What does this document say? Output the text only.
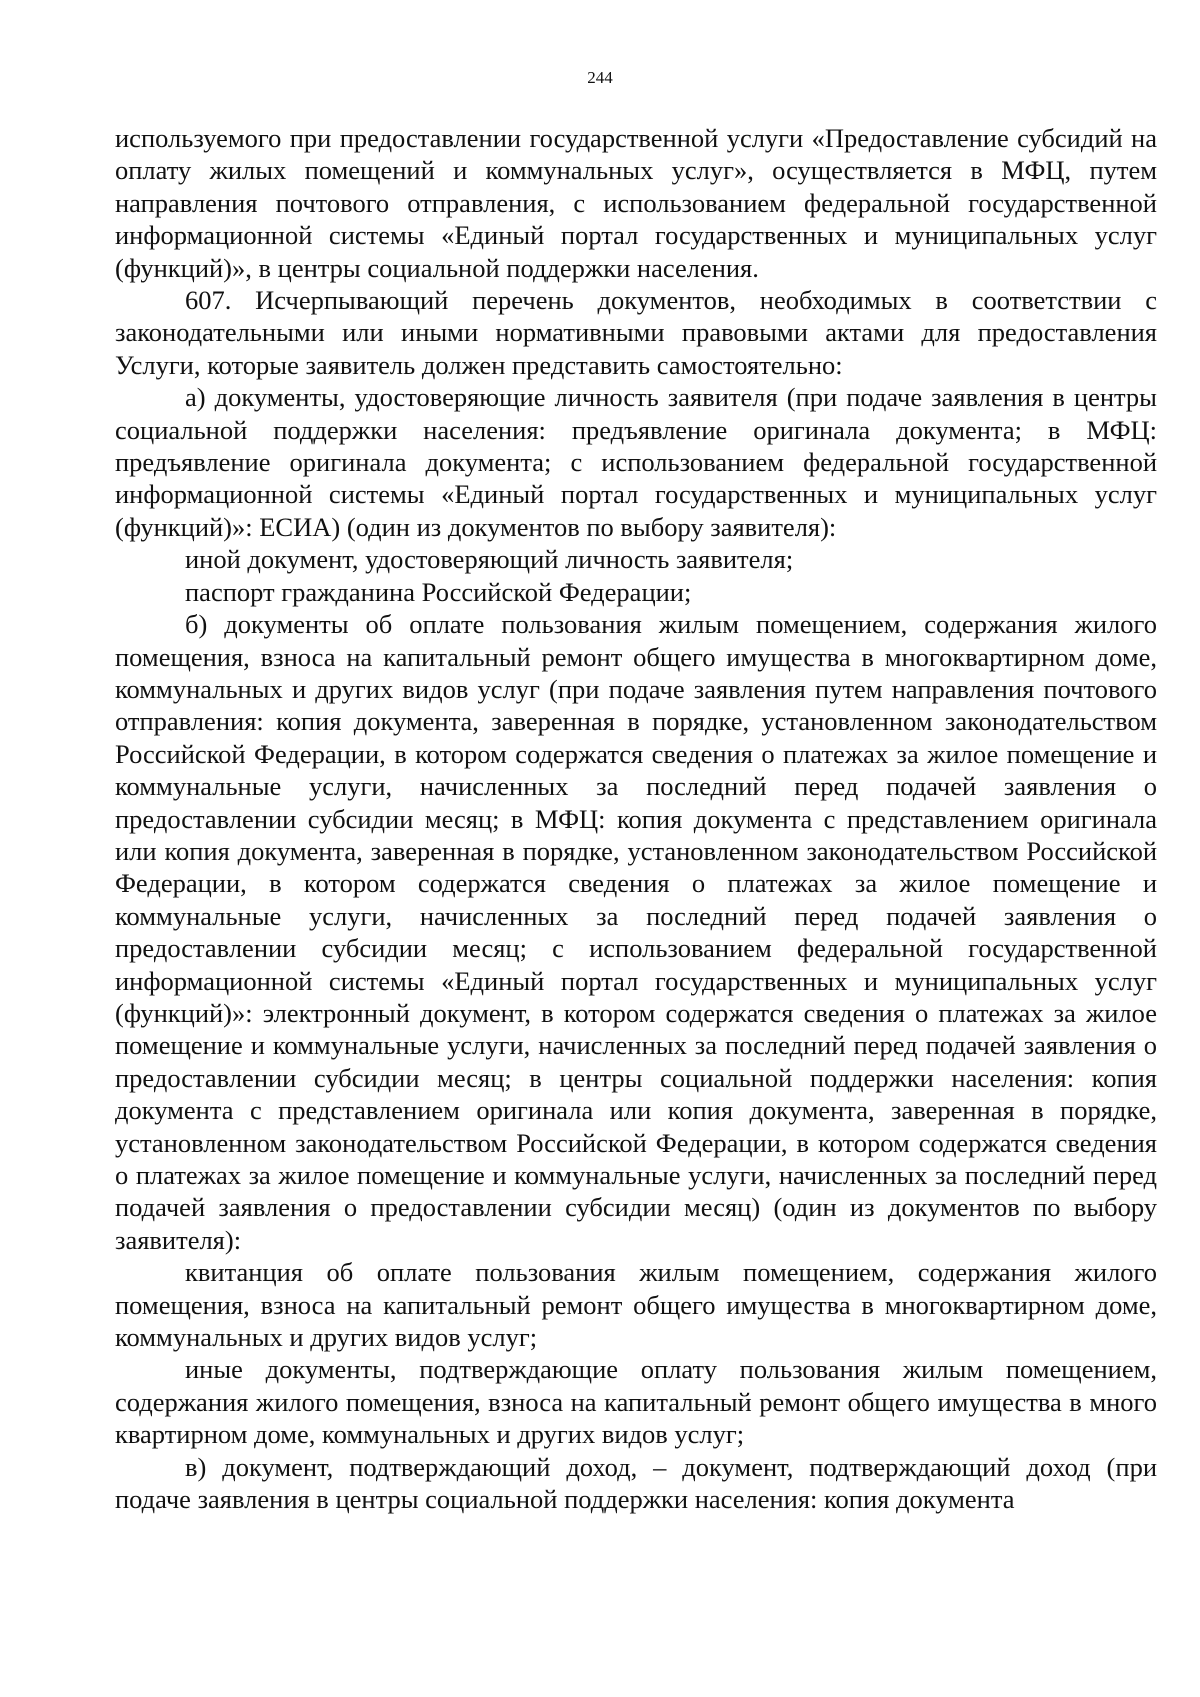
244

используемого при предоставлении государственной услуги «Предоставление субсидий на оплату жилых помещений и коммунальных услуг», осуществляется в МФЦ, путем направления почтового отправления, с использованием федеральной государственной информационной системы «Единый портал государственных и муниципальных услуг (функций)», в центры социальной поддержки населения.

607. Исчерпывающий перечень документов, необходимых в соответствии с законодательными или иными нормативными правовыми актами для предоставления Услуги, которые заявитель должен представить самостоятельно:

а) документы, удостоверяющие личность заявителя (при подаче заявления в центры социальной поддержки населения: предъявление оригинала документа; в МФЦ: предъявление оригинала документа; с использованием федеральной государственной информационной системы «Единый портал государственных и муниципальных услуг (функций)»: ЕСИА) (один из документов по выбору заявителя):

иной документ, удостоверяющий личность заявителя;

паспорт гражданина Российской Федерации;

б) документы об оплате пользования жилым помещением, содержания жилого помещения, взноса на капитальный ремонт общего имущества в многоквартирном доме, коммунальных и других видов услуг (при подаче заявления путем направления почтового отправления: копия документа, заверенная в порядке, установленном законодательством Российской Федерации, в котором содержатся сведения о платежах за жилое помещение и коммунальные услуги, начисленных за последний перед подачей заявления о предоставлении субсидии месяц; в МФЦ: копия документа с представлением оригинала или копия документа, заверенная в порядке, установленном законодательством Российской Федерации, в котором содержатся сведения о платежах за жилое помещение и коммунальные услуги, начисленных за последний перед подачей заявления о предоставлении субсидии месяц; с использованием федеральной государственной информационной системы «Единый портал государственных и муниципальных услуг (функций)»: электронный документ, в котором содержатся сведения о платежах за жилое помещение и коммунальные услуги, начисленных за последний перед подачей заявления о предоставлении субсидии месяц; в центры социальной поддержки населения: копия документа с представлением оригинала или копия документа, заверенная в порядке, установленном законодательством Российской Федерации, в котором содержатся сведения о платежах за жилое помещение и коммунальные услуги, начисленных за последний перед подачей заявления о предоставлении субсидии месяц) (один из документов по выбору заявителя):

квитанция об оплате пользования жилым помещением, содержания жилого помещения, взноса на капитальный ремонт общего имущества в многоквартирном доме, коммунальных и других видов услуг;

иные документы, подтверждающие оплату пользования жилым помещением, содержания жилого помещения, взноса на капитальный ремонт общего имущества в много квартирном доме, коммунальных и других видов услуг;

в) документ, подтверждающий доход, – документ, подтверждающий доход (при подаче заявления в центры социальной поддержки населения: копия документа
